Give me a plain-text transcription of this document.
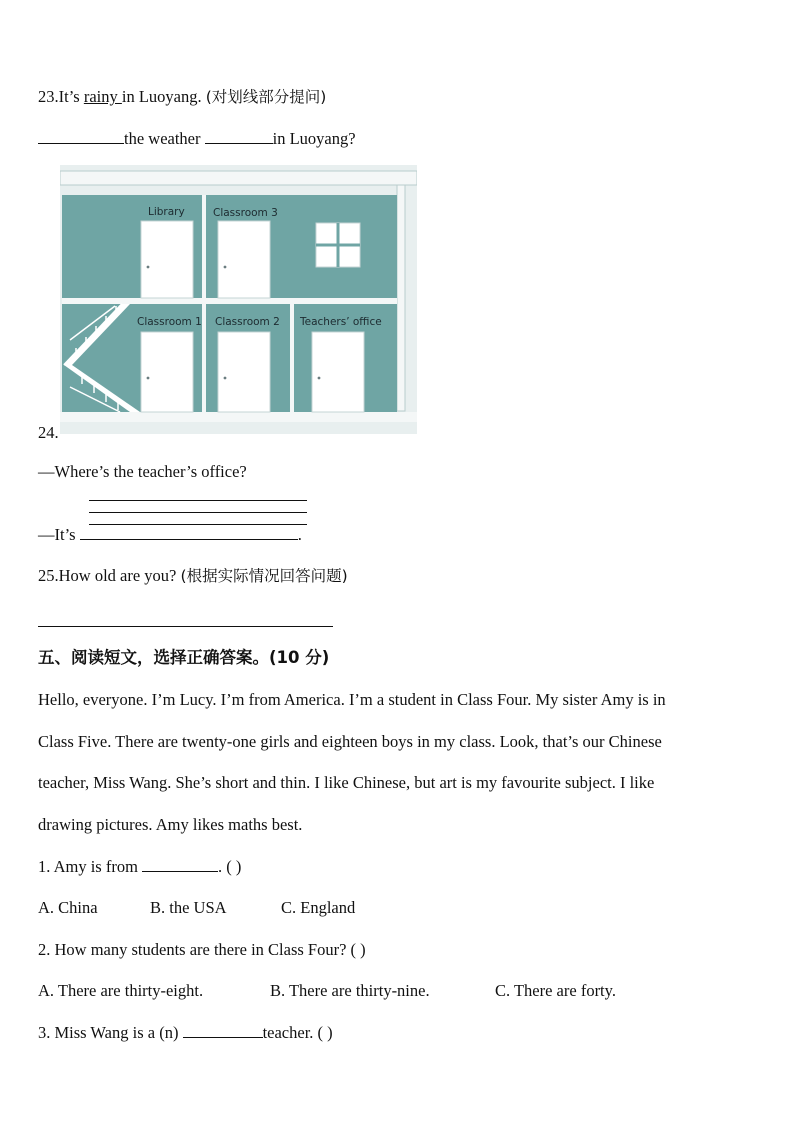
23.It’s rainy in Luoyang. (对划线部分提问)
the weather	in Luoyang?
24.
Library	Classroom 3
Classroom 1 Classroom 2 Teachers’ office
—Where’s the teacher’s office?
—It’s	.
25.How old are you? (根据实际情况回答问题)
五、阅读短文，选择正确答案。(10 分)
Hello, everyone. I’m Lucy. I’m from America. I’m a student in Class Four. My sister Amy is in
Class Five. There are twenty-one girls and eighteen boys in my class. Look, that’s our Chinese
teacher, Miss Wang. She’s short and thin. I like Chinese, but art is my favourite subject. I like
drawing pictures. Amy likes maths best.
1. Amy is from	. ( )
A. China	B. the USA	C. England
2. How many students are there in Class Four? ( )
A. There are thirty-eight.	B. There are thirty-nine.	C. There are forty.
3. Miss Wang is a (n)	teacher. ( )
